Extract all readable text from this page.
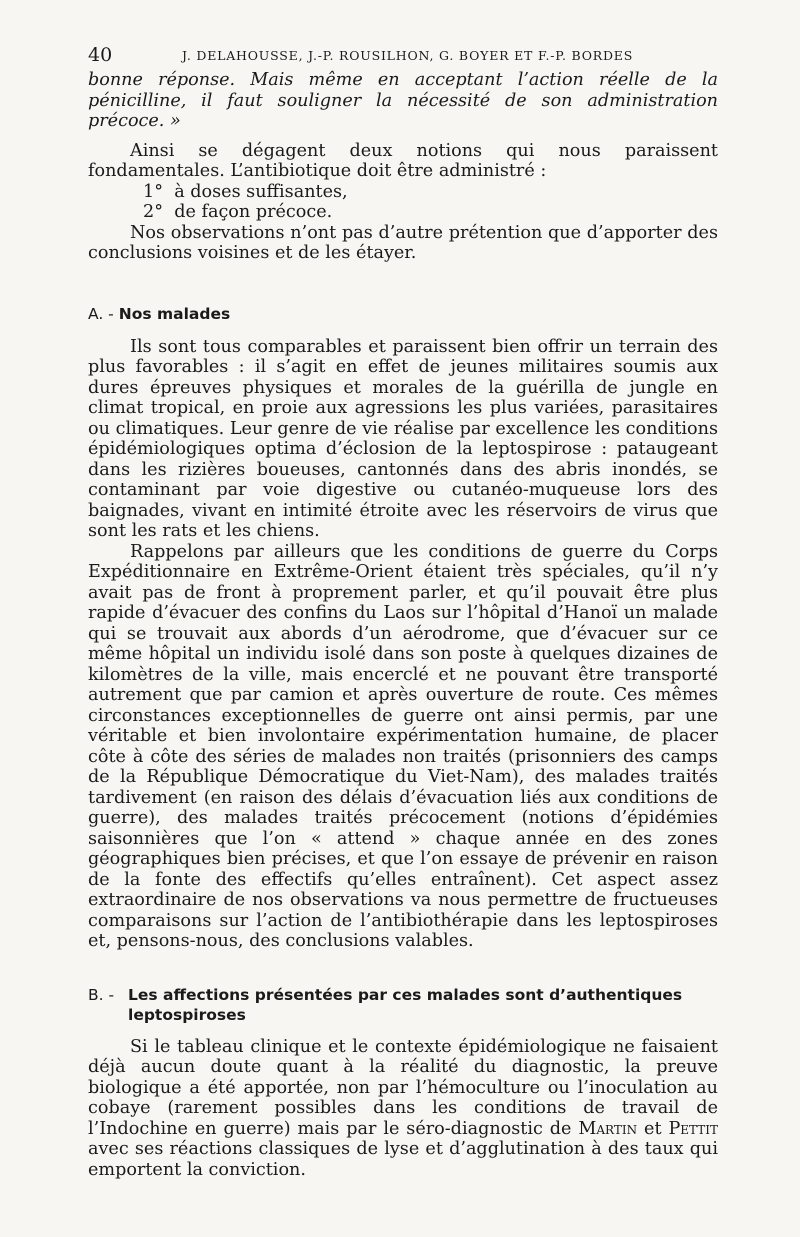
40	J. DELAHOUSSE, J.-P. ROUSILHON, G. BOYER ET F.-P. BORDES

bonne réponse. Mais même en acceptant l’action réelle de la pénicilline, il faut souligner la nécessité de son administration précoce. »

Ainsi se dégagent deux notions qui nous paraissent fondamentales. L’antibiotique doit être administré :

1° à doses suffisantes,

2° de façon précoce.

Nos observations n’ont pas d’autre prétention que d’apporter des conclusions voisines et de les étayer.

A. - Nos malades

Ils sont tous comparables et paraissent bien offrir un terrain des plus favorables : il s’agit en effet de jeunes militaires soumis aux dures épreuves physiques et morales de la guérilla de jungle en climat tropical, en proie aux agressions les plus variées, parasitaires ou climatiques. Leur genre de vie réalise par excellence les conditions épidémiologiques optima d’éclosion de la leptospirose : pataugeant dans les rizières boueuses, cantonnés dans des abris inondés, se contaminant par voie digestive ou cutanéo-muqueuse lors des baignades, vivant en intimité étroite avec les réservoirs de virus que sont les rats et les chiens.

Rappelons par ailleurs que les conditions de guerre du Corps Expéditionnaire en Extrême-Orient étaient très spéciales, qu’il n’y avait pas de front à proprement parler, et qu’il pouvait être plus rapide d’évacuer des confins du Laos sur l’hôpital d’Hanoï un malade qui se trouvait aux abords d’un aérodrome, que d’évacuer sur ce même hôpital un individu isolé dans son poste à quelques dizaines de kilomètres de la ville, mais encerclé et ne pouvant être transporté autrement que par camion et après ouverture de route. Ces mêmes circonstances exceptionnelles de guerre ont ainsi permis, par une véritable et bien involontaire expérimentation humaine, de placer côte à côte des séries de malades non traités (prisonniers des camps de la République Démocratique du Viet-Nam), des malades traités tardivement (en raison des délais d’évacuation liés aux conditions de guerre), des malades traités précocement (notions d’épidémies saisonnières que l’on « attend » chaque année en des zones géographiques bien précises, et que l’on essaye de prévenir en raison de la fonte des effectifs qu’elles entraînent). Cet aspect assez extraordinaire de nos observations va nous permettre de fructueuses comparaisons sur l’action de l’antibiothérapie dans les leptospiroses et, pensons-nous, des conclusions valables.

B. - Les affections présentées par ces malades sont d’authentiques leptospiroses

Si le tableau clinique et le contexte épidémiologique ne faisaient déjà aucun doute quant à la réalité du diagnostic, la preuve biologique a été apportée, non par l’hémoculture ou l’inoculation au cobaye (rarement possibles dans les conditions de travail de l’Indochine en guerre) mais par le séro-diagnostic de Martin et Pettit avec ses réactions classiques de lyse et d’agglutination à des taux qui emportent la conviction.
